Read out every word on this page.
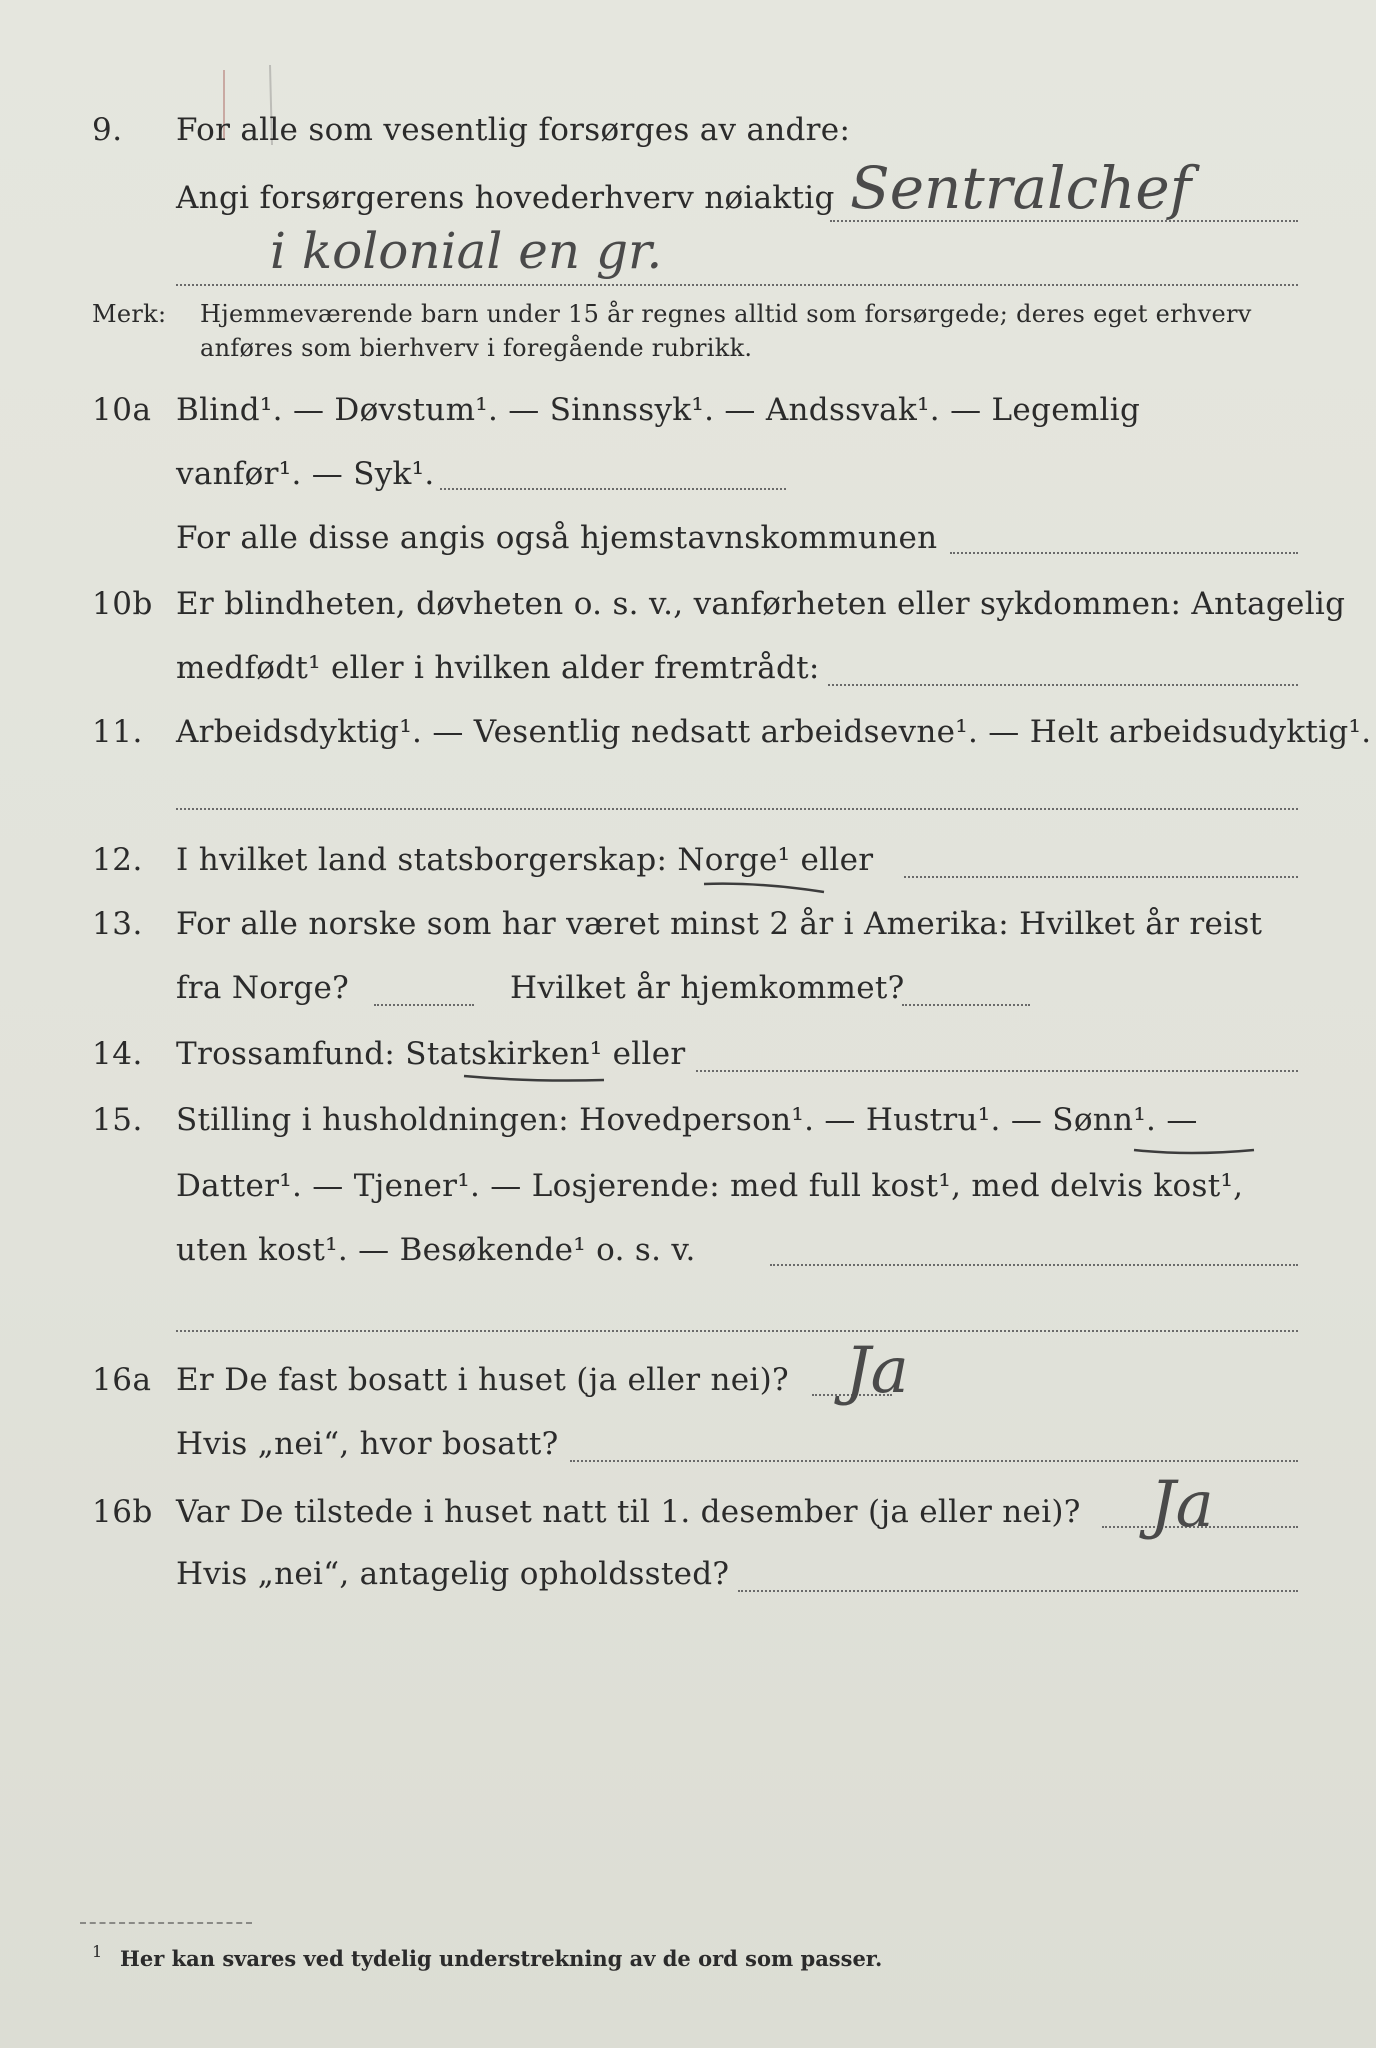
9. For alle som vesentlig forsørges av andre:
Angi forsørgerens hovederhverv nøiaktig Sentralchef
i kolonial en gr.
Merk: Hjemmeværende barn under 15 år regnes alltid som forsørgede; deres eget erhverv
anføres som bierhverv i foregående rubrikk.
10a Blind¹. — Døvstum¹. — Sinnssyk¹. — Andssvak¹. — Legemlig
vanfør¹. — Syk¹.
For alle disse angis også hjemstavnskommunen
10b Er blindheten, døvheten o. s. v., vanførheten eller sykdommen: Antagelig
medfødt¹ eller i hvilken alder fremtrådt:
11. Arbeidsdyktig¹. — Vesentlig nedsatt arbeidsevne¹. — Helt arbeidsudyktig¹.
12. I hvilket land statsborgerskap: Norge¹ eller
13. For alle norske som har været minst 2 år i Amerika: Hvilket år reist
fra Norge?	Hvilket år hjemkommet?
14. Trossamfund: Statskirken¹ eller
15. Stilling i husholdningen: Hovedperson¹. — Hustru¹. — Sønn¹. —
Datter¹. — Tjener¹. — Losjerende: med full kost¹, med delvis kost¹,
uten kost¹. — Besøkende¹ o. s. v.
16a Er De fast bosatt i huset (ja eller nei)? Ja
Hvis „nei“, hvor bosatt?
16b Var De tilstede i huset natt til 1. desember (ja eller nei)? Ja
Hvis „nei“, antagelig opholdssted?
1 Her kan svares ved tydelig understrekning av de ord som passer.
